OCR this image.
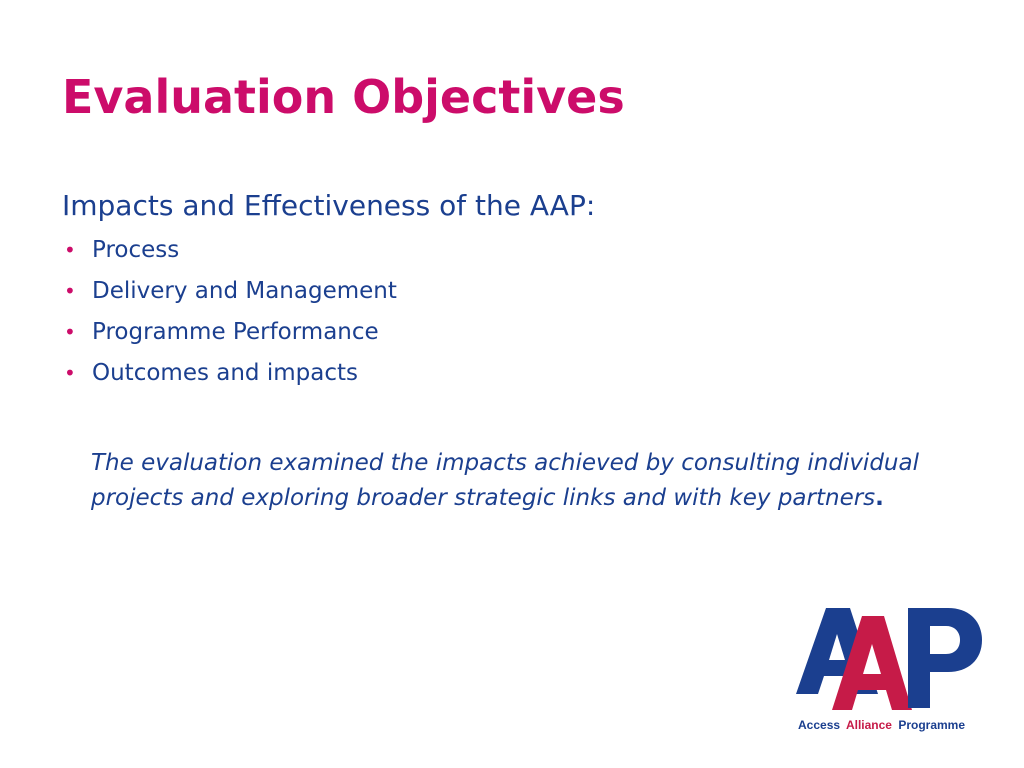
Evaluation Objectives

Impacts and Effectiveness of the AAP:

• Process
• Delivery and Management
• Programme Performance
• Outcomes and impacts

The evaluation examined the impacts achieved by consulting individual projects and exploring broader strategic links and with key partners.

Access Alliance Programme
